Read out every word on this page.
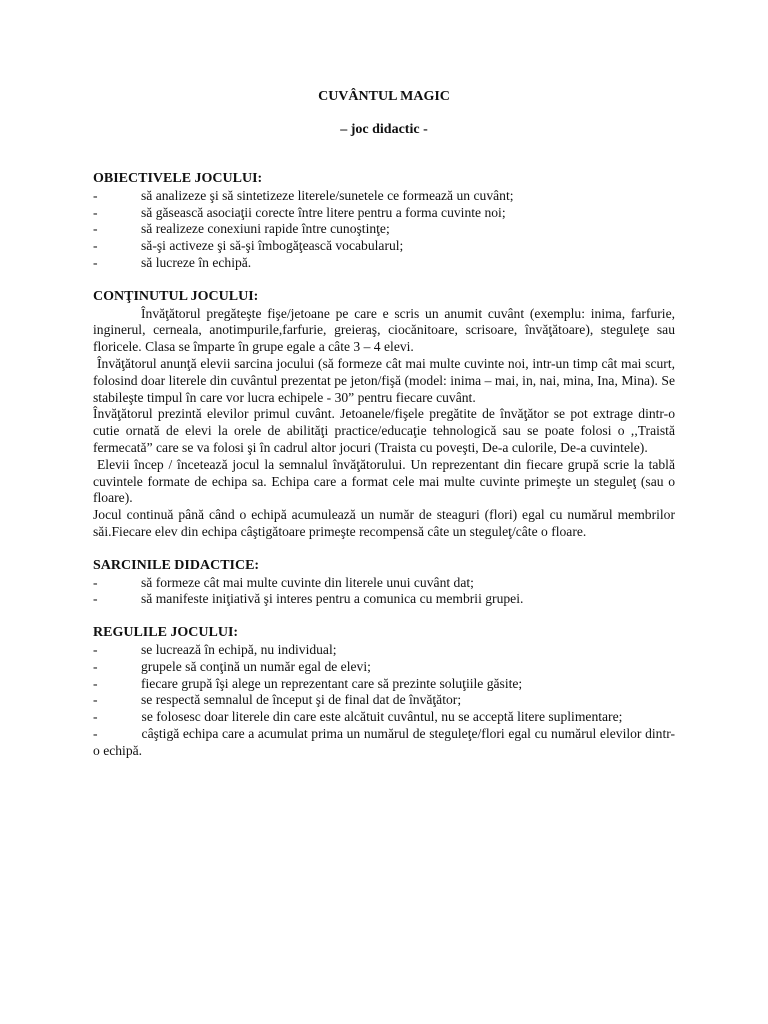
CUVÂNTUL MAGIC
– joc didactic -

OBIECTIVELE JOCULUI:

-	să analizeze şi să sintetizeze literele/sunetele ce formează un cuvânt;
-	să găsească asociaţii corecte între litere pentru a forma cuvinte noi;
-	să realizeze conexiuni rapide între cunoştinţe;
-	să-şi activeze şi să-şi îmbogăţească vocabularul;
-	să lucreze în echipă.

CONŢINUTUL JOCULUI:

Învăţătorul pregăteşte fişe/jetoane pe care e scris un anumit cuvânt (exemplu: inima, farfurie, inginerul, cerneala, anotimpurile,farfurie, greieraş, ciocănitoare, scrisoare, învăţătoare), steguleţe sau floricele. Clasa se împarte în grupe egale a câte 3 – 4 elevi.

Învăţătorul anunţă elevii sarcina jocului (să formeze cât mai multe cuvinte noi, intr-un timp cât mai scurt, folosind doar literele din cuvântul prezentat pe jeton/fişă (model: inima – mai, in, nai, mina, Ina, Mina). Se stabileşte timpul în care vor lucra echipele - 30” pentru fiecare cuvânt.

Învăţătorul prezintă elevilor primul cuvânt. Jetoanele/fişele pregătite de învăţător se pot extrage dintr-o cutie ornată de elevi la orele de abilităţi practice/educaţie tehnologică sau se poate folosi o ,,Traistă fermecată” care se va folosi şi în cadrul altor jocuri (Traista cu poveşti, De-a culorile, De-a cuvintele).

Elevii încep / încetează jocul la semnalul învăţătorului. Un reprezentant din fiecare grupă scrie la tablă cuvintele formate de echipa sa. Echipa care a format cele mai multe cuvinte primeşte un steguleţ (sau o floare).

Jocul continuă până când o echipă acumulează un număr de steaguri (flori) egal cu numărul membrilor săi.Fiecare elev din echipa câştigătoare primeşte recompensă câte un steguleţ/câte o floare.

SARCINILE DIDACTICE:

-	să formeze cât mai multe cuvinte din literele unui cuvânt dat;
-	să manifeste iniţiativă şi interes pentru a comunica cu membrii grupei.

REGULILE JOCULUI:

-	se lucrează în echipă, nu individual;
-	grupele să conţină un număr egal de elevi;
-	fiecare grupă îşi alege un reprezentant care să prezinte soluţiile găsite;
-	se respectă semnalul de început şi de final dat de învăţător;

-	se folosesc doar literele din care este alcătuit cuvântul, nu se acceptă litere suplimentare;

-	câştigă echipa care a acumulat prima un numărul de steguleţe/flori egal cu numărul elevilor dintr-o echipă.
